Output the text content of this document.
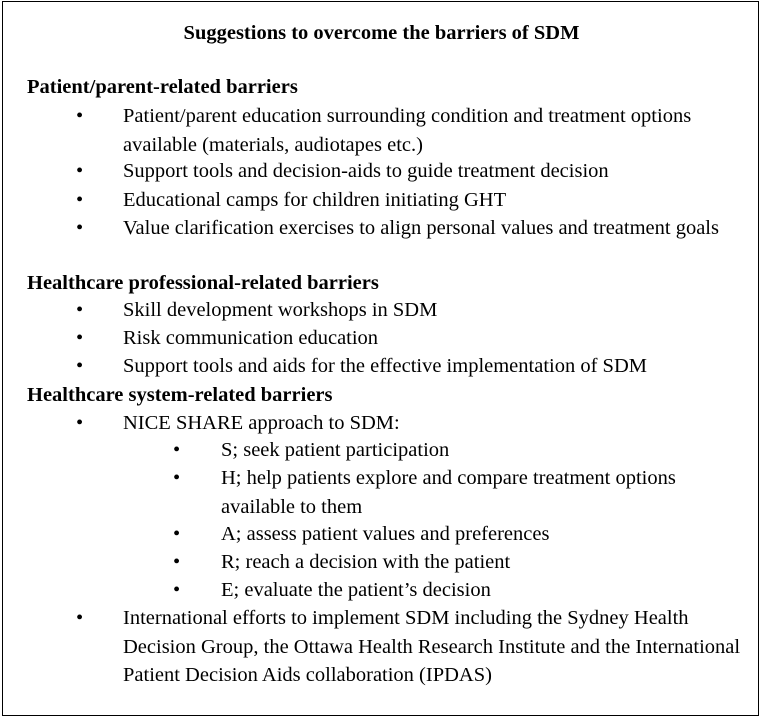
Suggestions to overcome the barriers of SDM
Patient/parent-related barriers
• Patient/parent education surrounding condition and treatment options available (materials, audiotapes etc.)
• Support tools and decision-aids to guide treatment decision
• Educational camps for children initiating GHT
• Value clarification exercises to align personal values and treatment goals
Healthcare professional-related barriers
• Skill development workshops in SDM
• Risk communication education
• Support tools and aids for the effective implementation of SDM
Healthcare system-related barriers
• NICE SHARE approach to SDM:
• S; seek patient participation
• H; help patients explore and compare treatment options available to them
• A; assess patient values and preferences
• R; reach a decision with the patient
• E; evaluate the patient’s decision
• International efforts to implement SDM including the Sydney Health Decision Group, the Ottawa Health Research Institute and the International Patient Decision Aids collaboration (IPDAS)
